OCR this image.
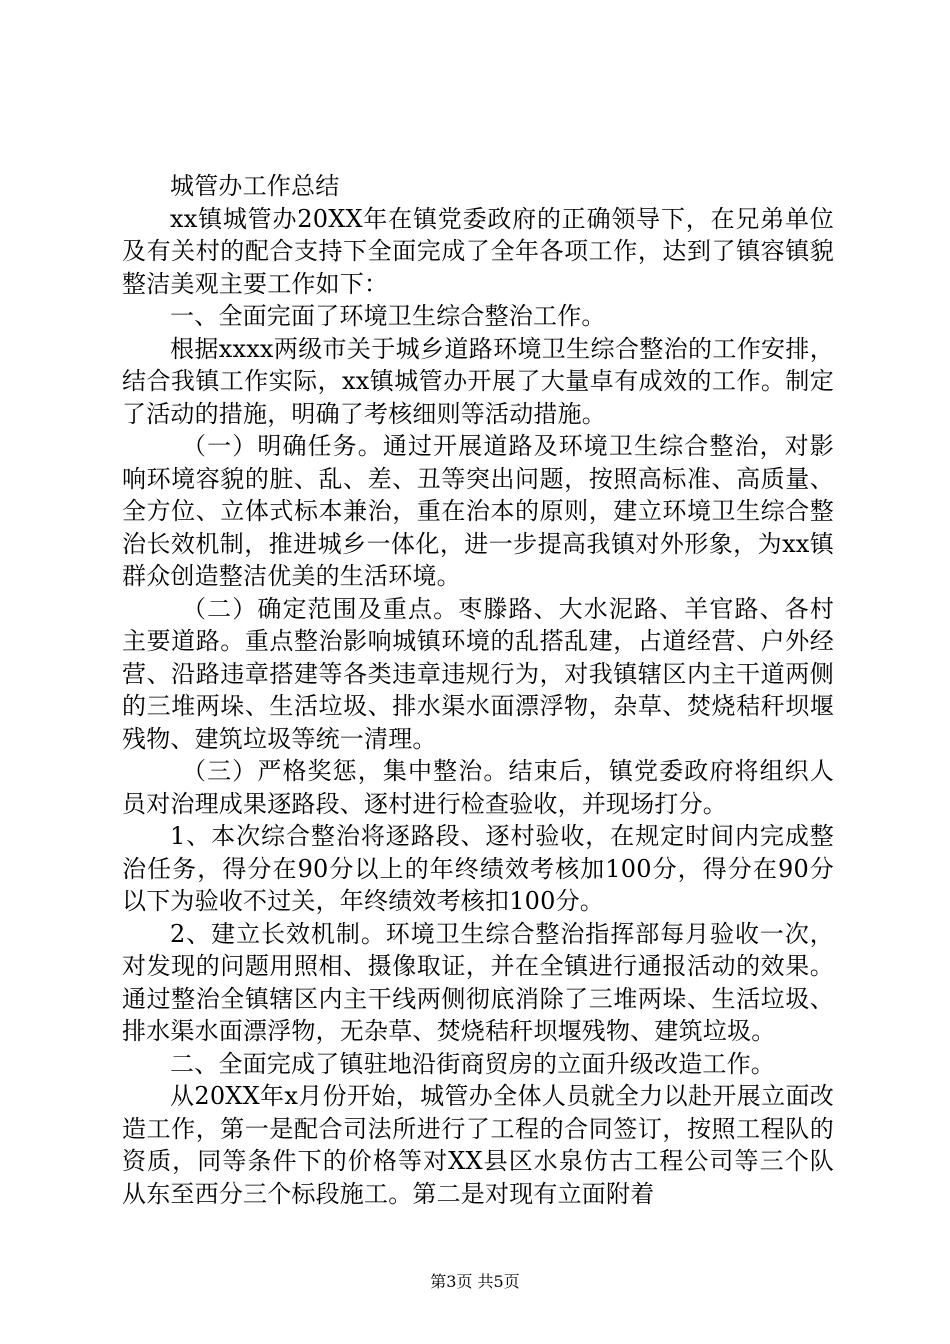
城管办工作总结

xx镇城管办20XX年在镇党委政府的正确领导下，在兄弟单位及有关村的配合支持下全面完成了全年各项工作，达到了镇容镇貌整洁美观主要工作如下：

一、全面完面了环境卫生综合整治工作。

根据xxxx两级市关于城乡道路环境卫生综合整治的工作安排，结合我镇工作实际，xx镇城管办开展了大量卓有成效的工作。制定了活动的措施，明确了考核细则等活动措施。

（一）明确任务。通过开展道路及环境卫生综合整治，对影响环境容貌的脏、乱、差、丑等突出问题，按照高标准、高质量、全方位、立体式标本兼治，重在治本的原则，建立环境卫生综合整治长效机制，推进城乡一体化，进一步提高我镇对外形象，为xx镇群众创造整洁优美的生活环境。

（二）确定范围及重点。枣滕路、大水泥路、羊官路、各村主要道路。重点整治影响城镇环境的乱搭乱建，占道经营、户外经营、沿路违章搭建等各类违章违规行为，对我镇辖区内主干道两侧的三堆两垛、生活垃圾、排水渠水面漂浮物，杂草、焚烧秸秆坝堰残物、建筑垃圾等统一清理。

（三）严格奖惩，集中整治。结束后，镇党委政府将组织人员对治理成果逐路段、逐村进行检查验收，并现场打分。

1、本次综合整治将逐路段、逐村验收，在规定时间内完成整治任务，得分在90分以上的年终绩效考核加100分，得分在90分以下为验收不过关，年终绩效考核扣100分。

2、建立长效机制。环境卫生综合整治指挥部每月验收一次，对发现的问题用照相、摄像取证，并在全镇进行通报活动的效果。通过整治全镇辖区内主干线两侧彻底消除了三堆两垛、生活垃圾、排水渠水面漂浮物，无杂草、焚烧秸秆坝堰残物、建筑垃圾。

二、全面完成了镇驻地沿街商贸房的立面升级改造工作。

从20XX年x月份开始，城管办全体人员就全力以赴开展立面改造工作，第一是配合司法所进行了工程的合同签订，按照工程队的资质，同等条件下的价格等对XX县区水泉仿古工程公司等三个队从东至西分三个标段施工。第二是对现有立面附着

第3页 共5页
